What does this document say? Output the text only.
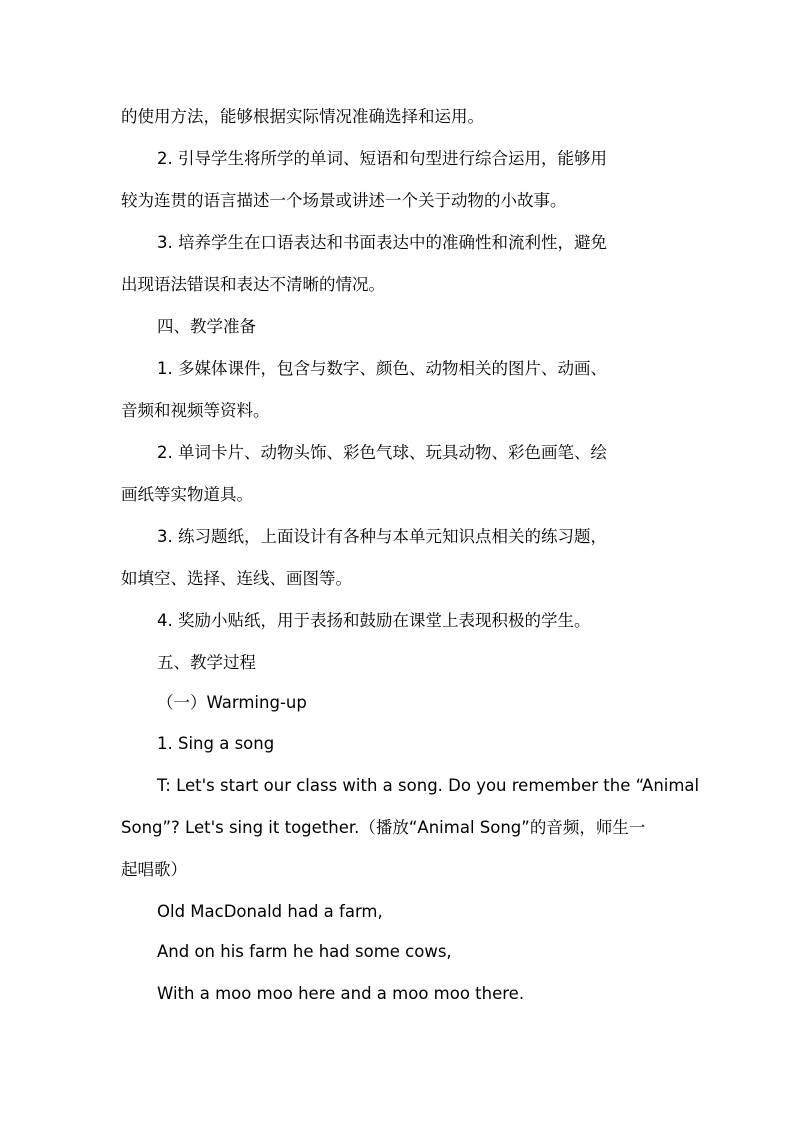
的使用方法，能够根据实际情况准确选择和运用。
2. 引导学生将所学的单词、短语和句型进行综合运用，能够用
较为连贯的语言描述一个场景或讲述一个关于动物的小故事。
3. 培养学生在口语表达和书面表达中的准确性和流利性，避免
出现语法错误和表达不清晰的情况。
四、教学准备
1. 多媒体课件，包含与数字、颜色、动物相关的图片、动画、
音频和视频等资料。
2. 单词卡片、动物头饰、彩色气球、玩具动物、彩色画笔、绘
画纸等实物道具。
3. 练习题纸，上面设计有各种与本单元知识点相关的练习题，
如填空、选择、连线、画图等。
4. 奖励小贴纸，用于表扬和鼓励在课堂上表现积极的学生。
五、教学过程
（一）Warming-up
1. Sing a song
T: Let's start our class with a song. Do you remember the “Animal
Song”? Let's sing it together.（播放“Animal Song”的音频，师生一
起唱歌）
Old MacDonald had a farm,
And on his farm he had some cows,
With a moo moo here and a moo moo there.
